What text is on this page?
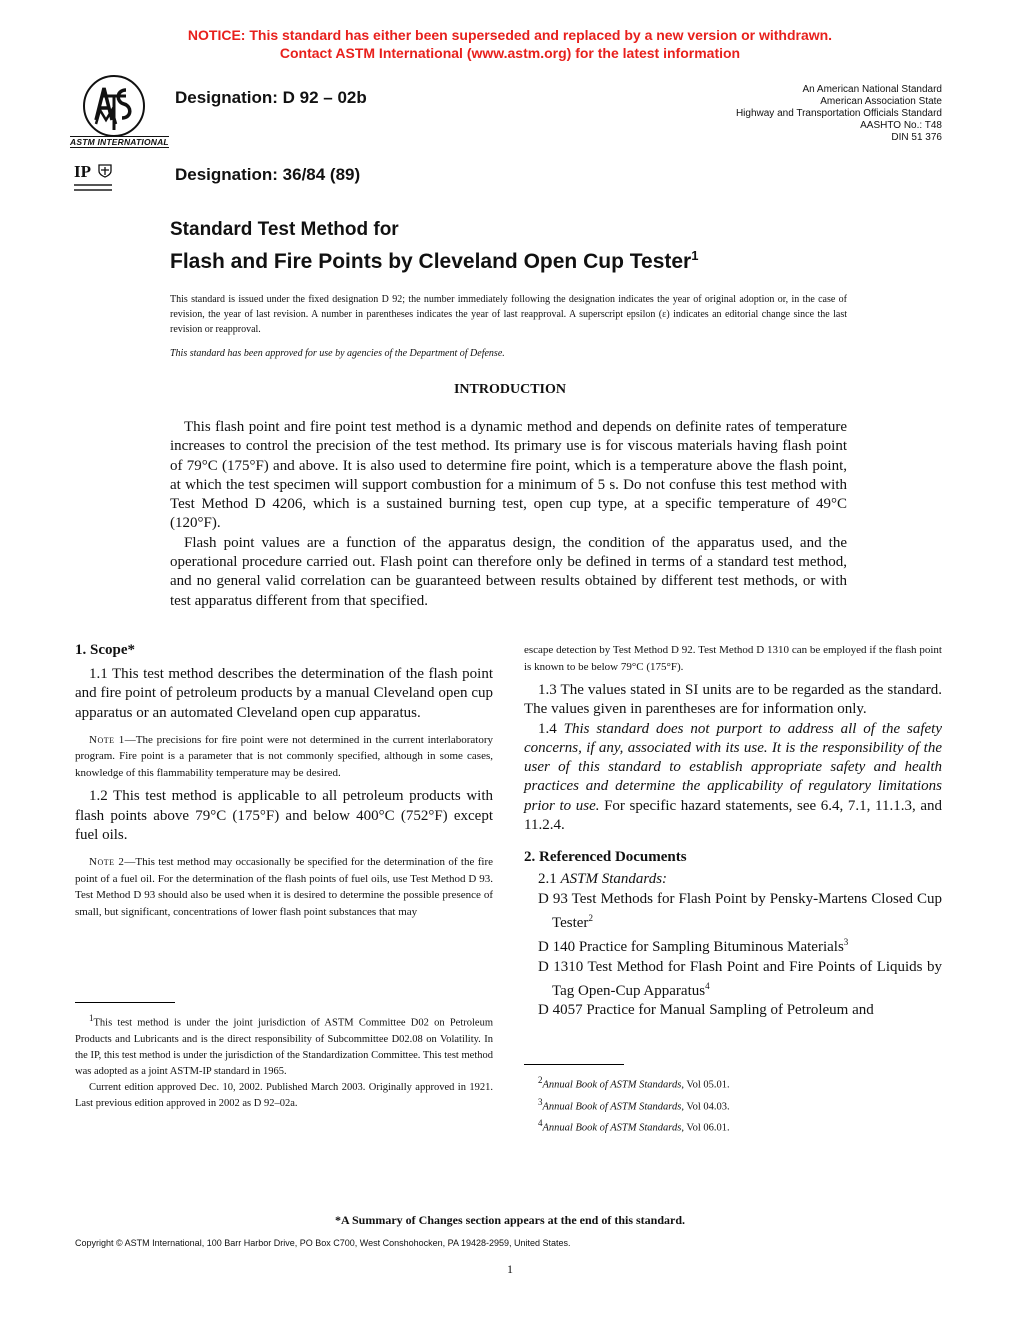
NOTICE: This standard has either been superseded and replaced by a new version or withdrawn.
Contact ASTM International (www.astm.org) for the latest information
ASTM INTERNATIONAL
IP
Designation: D 92 – 02b
Designation: 36/84 (89)
An American National Standard
American Association State
Highway and Transportation Officials Standard
AASHTO No.: T48
DIN 51 376
Standard Test Method for
Flash and Fire Points by Cleveland Open Cup Tester$^1$
This standard is issued under the fixed designation D 92; the number immediately following the designation indicates the year of original adoption or, in the case of revision, the year of last revision. A number in parentheses indicates the year of last reapproval. A superscript epsilon (ε) indicates an editorial change since the last revision or reapproval.
This standard has been approved for use by agencies of the Department of Defense.
INTRODUCTION

This flash point and fire point test method is a dynamic method and depends on definite rates of temperature increases to control the precision of the test method. Its primary use is for viscous materials having flash point of 79°C (175°F) and above. It is also used to determine fire point, which is a temperature above the flash point, at which the test specimen will support combustion for a minimum of 5 s. Do not confuse this test method with Test Method D 4206, which is a sustained burning test, open cup type, at a specific temperature of 49°C (120°F).

Flash point values are a function of the apparatus design, the condition of the apparatus used, and the operational procedure carried out. Flash point can therefore only be defined in terms of a standard test method, and no general valid correlation can be guaranteed between results obtained by different test methods, or with test apparatus different from that specified.

1. Scope*

1.1 This test method describes the determination of the flash point and fire point of petroleum products by a manual Cleveland open cup apparatus or an automated Cleveland open cup apparatus.

Note 1—The precisions for fire point were not determined in the current interlaboratory program. Fire point is a parameter that is not commonly specified, although in some cases, knowledge of this flammability temperature may be desired.

1.2 This test method is applicable to all petroleum products with flash points above 79°C (175°F) and below 400°C (752°F) except fuel oils.

Note 2—This test method may occasionally be specified for the determination of the fire point of a fuel oil. For the determination of the flash points of fuel oils, use Test Method D 93. Test Method D 93 should also be used when it is desired to determine the possible presence of small, but significant, concentrations of lower flash point substances that may

$^1$This test method is under the joint jurisdiction of ASTM Committee D02 on Petroleum Products and Lubricants and is the direct responsibility of Subcommittee D02.08 on Volatility. In the IP, this test method is under the jurisdiction of the Standardization Committee. This test method was adopted as a joint ASTM-IP standard in 1965.

Current edition approved Dec. 10, 2002. Published March 2003. Originally approved in 1921. Last previous edition approved in 2002 as D 92–02a.

escape detection by Test Method D 92. Test Method D 1310 can be employed if the flash point is known to be below 79°C (175°F).

1.3 The values stated in SI units are to be regarded as the standard. The values given in parentheses are for information only.

1.4 This standard does not purport to address all of the safety concerns, if any, associated with its use. It is the responsibility of the user of this standard to establish appropriate safety and health practices and determine the applicability of regulatory limitations prior to use. For specific hazard statements, see 6.4, 7.1, 11.1.3, and 11.2.4.

2. Referenced Documents

2.1 ASTM Standards:

D 93 Test Methods for Flash Point by Pensky-Martens Closed Cup Tester$^2$

D 140 Practice for Sampling Bituminous Materials$^3$

D 1310 Test Method for Flash Point and Fire Points of Liquids by Tag Open-Cup Apparatus$^4$

D 4057 Practice for Manual Sampling of Petroleum and

$^2$Annual Book of ASTM Standards, Vol 05.01.

$^3$Annual Book of ASTM Standards, Vol 04.03.

$^4$Annual Book of ASTM Standards, Vol 06.01.

*A Summary of Changes section appears at the end of this standard.
Copyright © ASTM International, 100 Barr Harbor Drive, PO Box C700, West Conshohocken, PA 19428-2959, United States.
1
